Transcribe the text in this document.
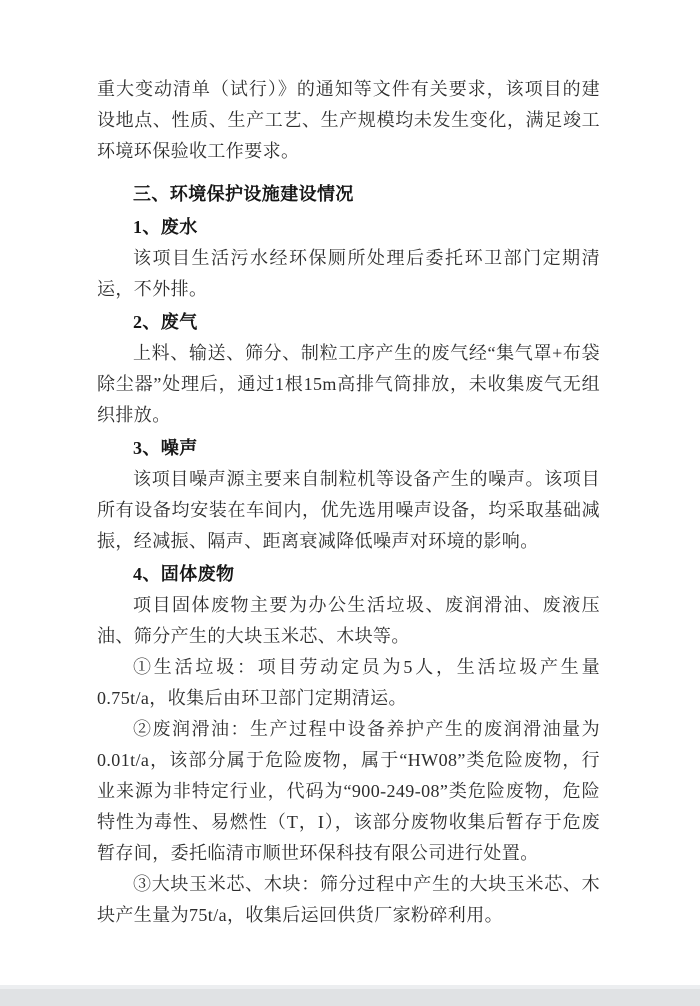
重大变动清单（试行）》的通知等文件有关要求，该项目的建设地点、性质、生产工艺、生产规模均未发生变化，满足竣工环境环保验收工作要求。

三、环境保护设施建设情况

1、废水

该项目生活污水经环保厕所处理后委托环卫部门定期清运，不外排。

2、废气

上料、输送、筛分、制粒工序产生的废气经“集气罩+布袋除尘器”处理后，通过1根15m高排气筒排放，未收集废气无组织排放。

3、噪声

该项目噪声源主要来自制粒机等设备产生的噪声。该项目所有设备均安装在车间内，优先选用噪声设备，均采取基础减振，经减振、隔声、距离衰减降低噪声对环境的影响。

4、固体废物

项目固体废物主要为办公生活垃圾、废润滑油、废液压油、筛分产生的大块玉米芯、木块等。

①生活垃圾：项目劳动定员为5人，生活垃圾产生量0.75t/a，收集后由环卫部门定期清运。

②废润滑油：生产过程中设备养护产生的废润滑油量为0.01t/a，该部分属于危险废物，属于“HW08”类危险废物，行业来源为非特定行业，代码为“900-249-08”类危险废物，危险特性为毒性、易燃性（T，I），该部分废物收集后暂存于危废暂存间，委托临清市顺世环保科技有限公司进行处置。

③大块玉米芯、木块：筛分过程中产生的大块玉米芯、木块产生量为75t/a，收集后运回供货厂家粉碎利用。
